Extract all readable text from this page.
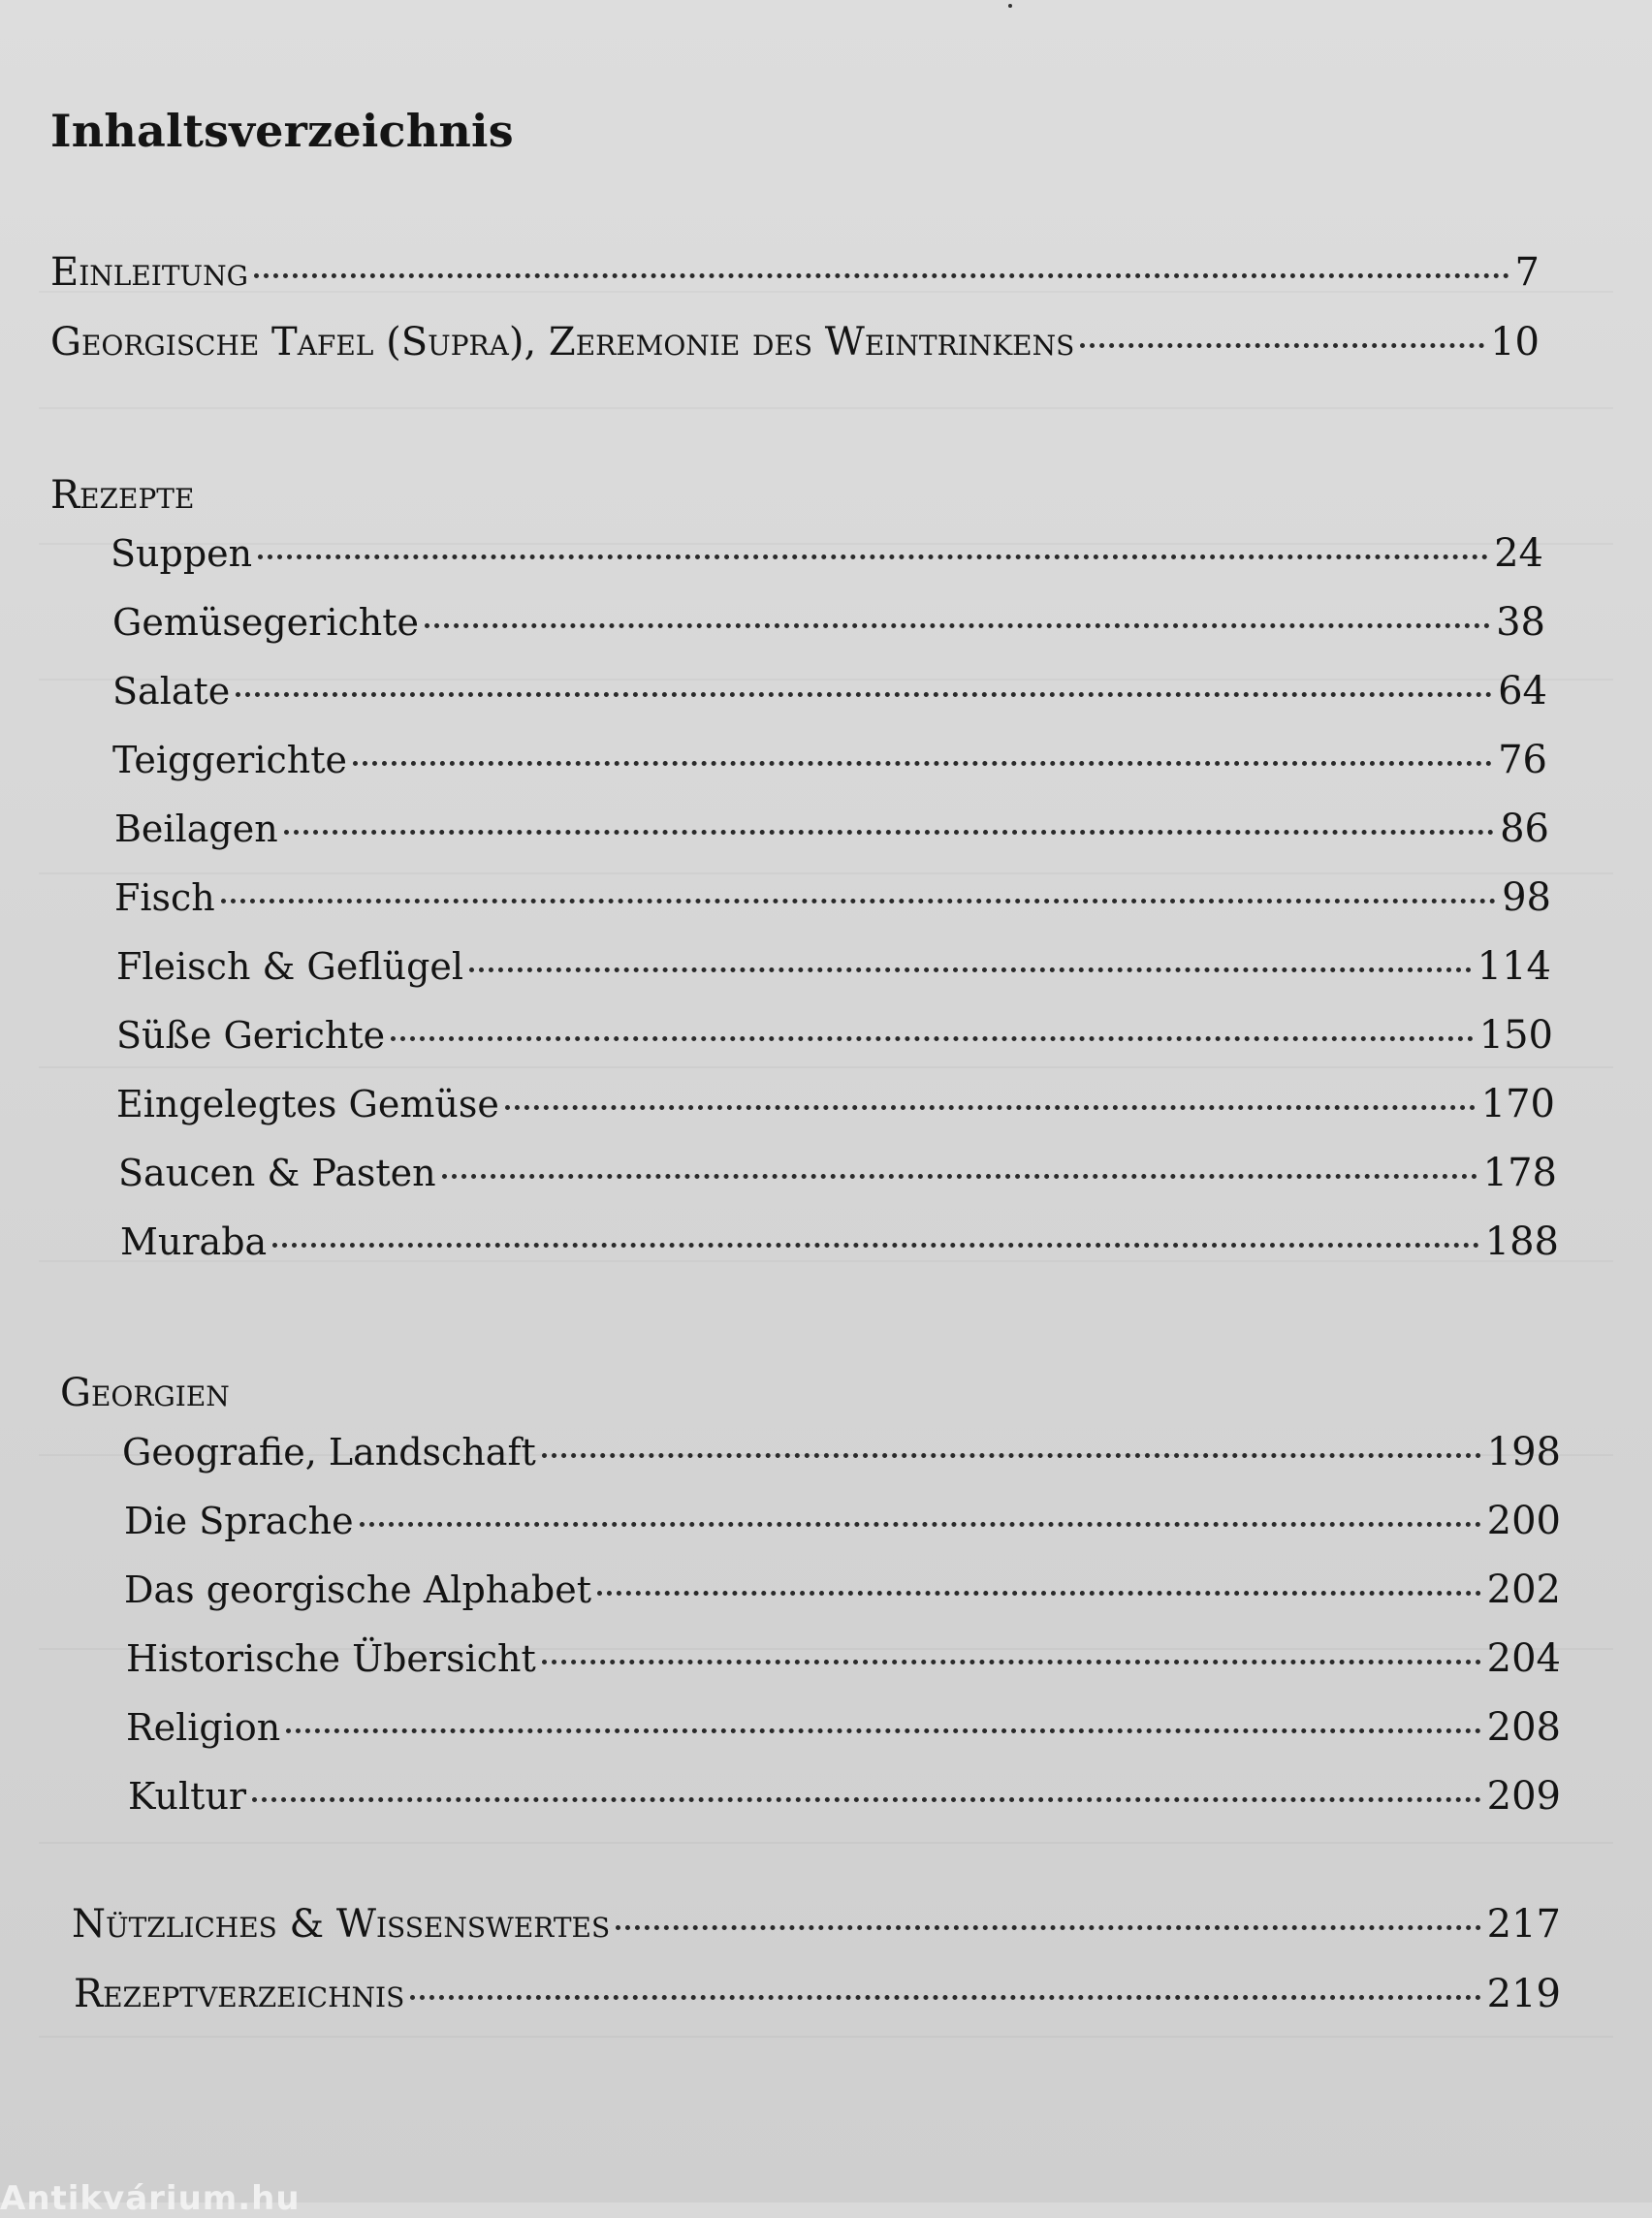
Inhaltsverzeichnis
Einleitung	7
Georgische Tafel (Supra), Zeremonie des Weintrinkens	10
Rezepte
Suppen	24
Gemüsegerichte	38
Salate	64
Teiggerichte	76
Beilagen	86
Fisch	98
Fleisch & Geflügel	114
Süße Gerichte	150
Eingelegtes Gemüse	170
Saucen & Pasten	178
Muraba	188
Georgien
Geografie, Landschaft	198
Die Sprache	200
Das georgische Alphabet	202
Historische Übersicht	204
Religion	208
Kultur	209
Nützliches & Wissenswertes	217
Rezeptverzeichnis	219
Antikvárium.hu
